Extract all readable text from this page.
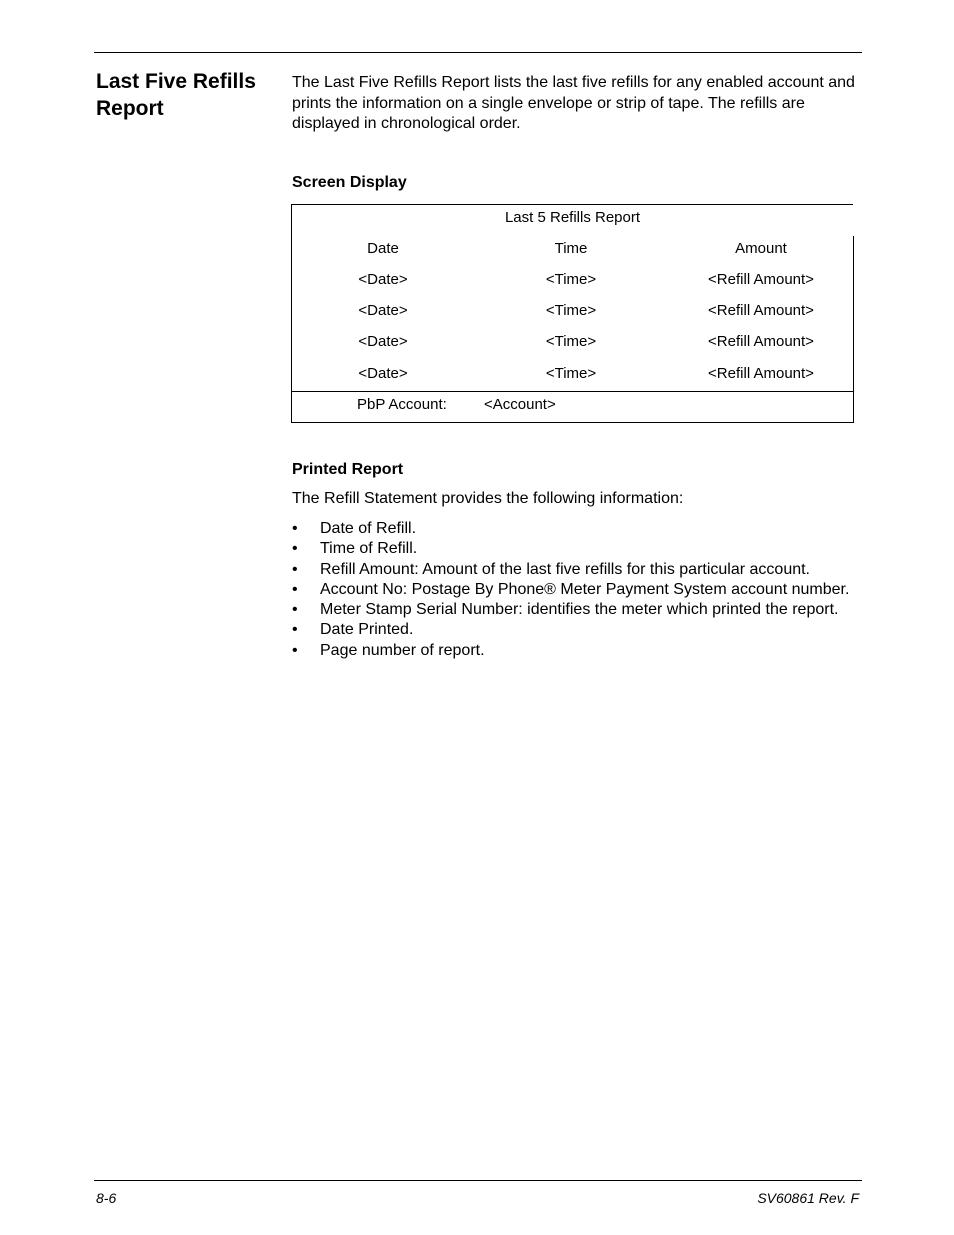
Last Five Refills Report

The Last Five Refills Report lists the last five refills for any enabled account and prints the information on a single envelope or strip of tape. The refills are displayed in chronological order.

Screen Display
Last 5 Refills Report
Date	Time	Amount
<Date>	<Time>	<Refill Amount>
<Date>	<Time>	<Refill Amount>
<Date>	<Time>	<Refill Amount>
<Date>	<Time>	<Refill Amount>
PbP Account: <Account>
Printed Report

The Refill Statement provides the following information:

• Date of Refill.
• Time of Refill.
• Refill Amount: Amount of the last five refills for this particular account.
• Account No: Postage By Phone® Meter Payment System account number.
• Meter Stamp Serial Number: identifies the meter which printed the report.
• Date Printed.
• Page number of report.
8-6	SV60861 Rev. F
